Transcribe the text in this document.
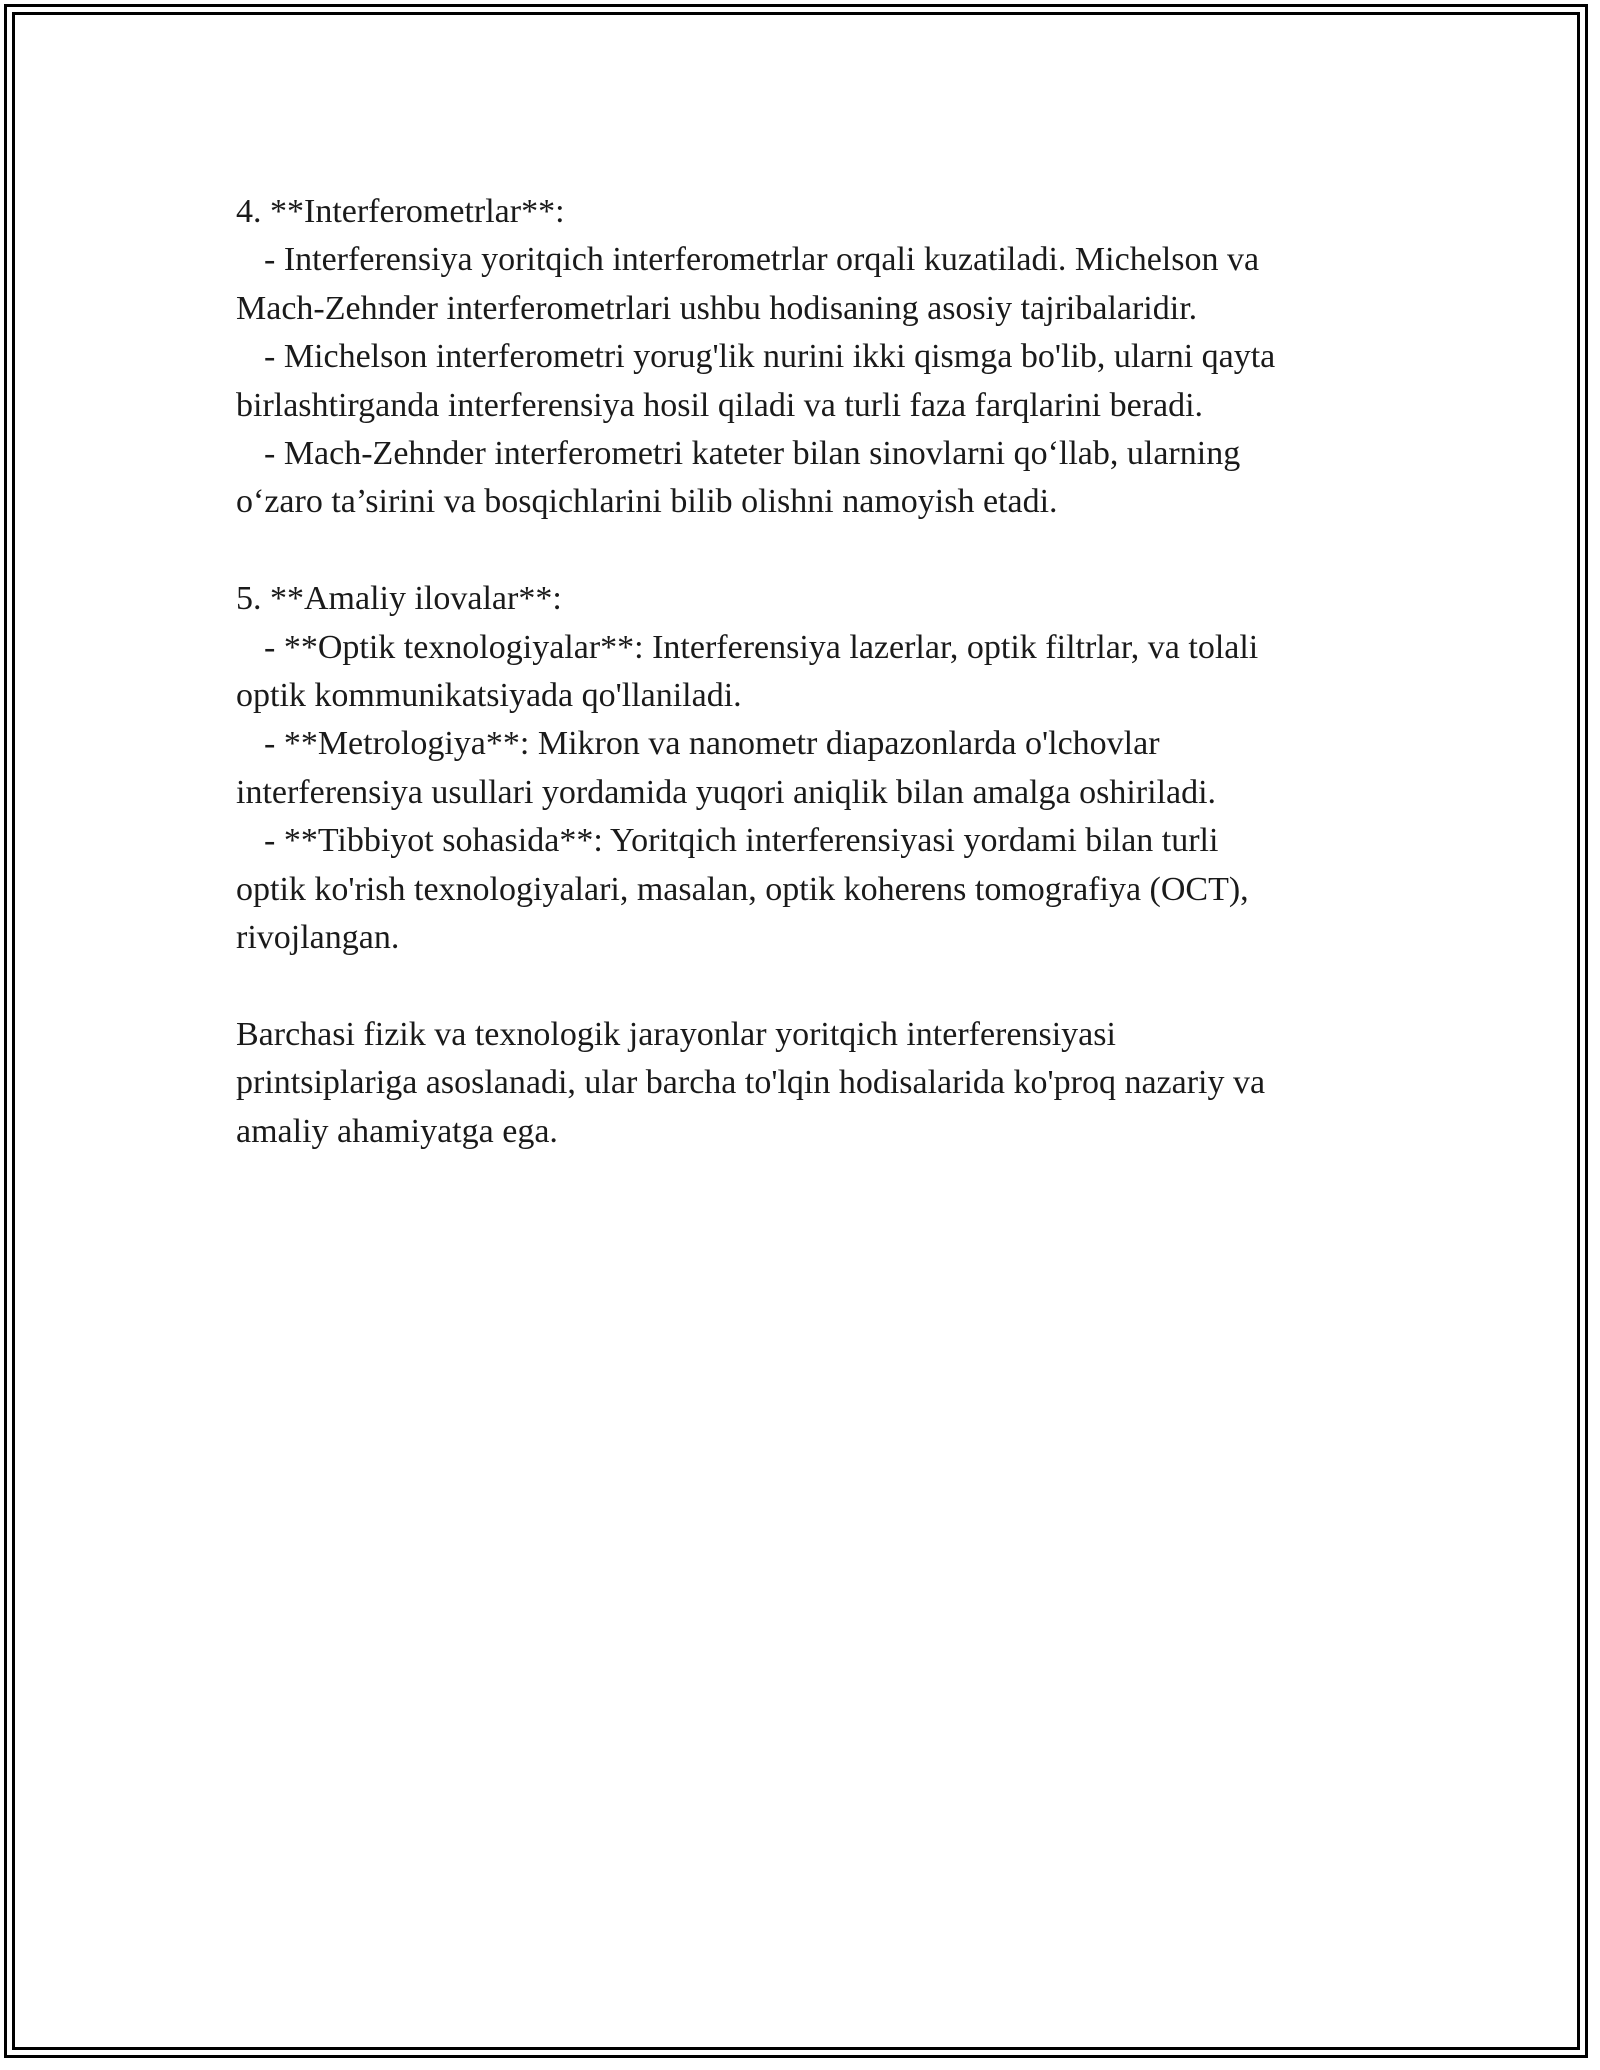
4. **Interferometrlar**:
- Interferensiya yoritqich interferometrlar orqali kuzatiladi. Michelson va
Mach-Zehnder interferometrlari ushbu hodisaning asosiy tajribalaridir.
- Michelson interferometri yorug'lik nurini ikki qismga bo'lib, ularni qayta
birlashtirganda interferensiya hosil qiladi va turli faza farqlarini beradi.
- Mach-Zehnder interferometri kateter bilan sinovlarni qo‘llab, ularning
o‘zaro ta’sirini va bosqichlarini bilib olishni namoyish etadi.
5. **Amaliy ilovalar**:
- **Optik texnologiyalar**: Interferensiya lazerlar, optik filtrlar, va tolali
optik kommunikatsiyada qo'llaniladi.
- **Metrologiya**: Mikron va nanometr diapazonlarda o'lchovlar
interferensiya usullari yordamida yuqori aniqlik bilan amalga oshiriladi.
- **Tibbiyot sohasida**: Yoritqich interferensiyasi yordami bilan turli
optik ko'rish texnologiyalari, masalan, optik koherens tomografiya (OCT),
rivojlangan.
Barchasi fizik va texnologik jarayonlar yoritqich interferensiyasi
printsiplariga asoslanadi, ular barcha to'lqin hodisalarida ko'proq nazariy va
amaliy ahamiyatga ega.
